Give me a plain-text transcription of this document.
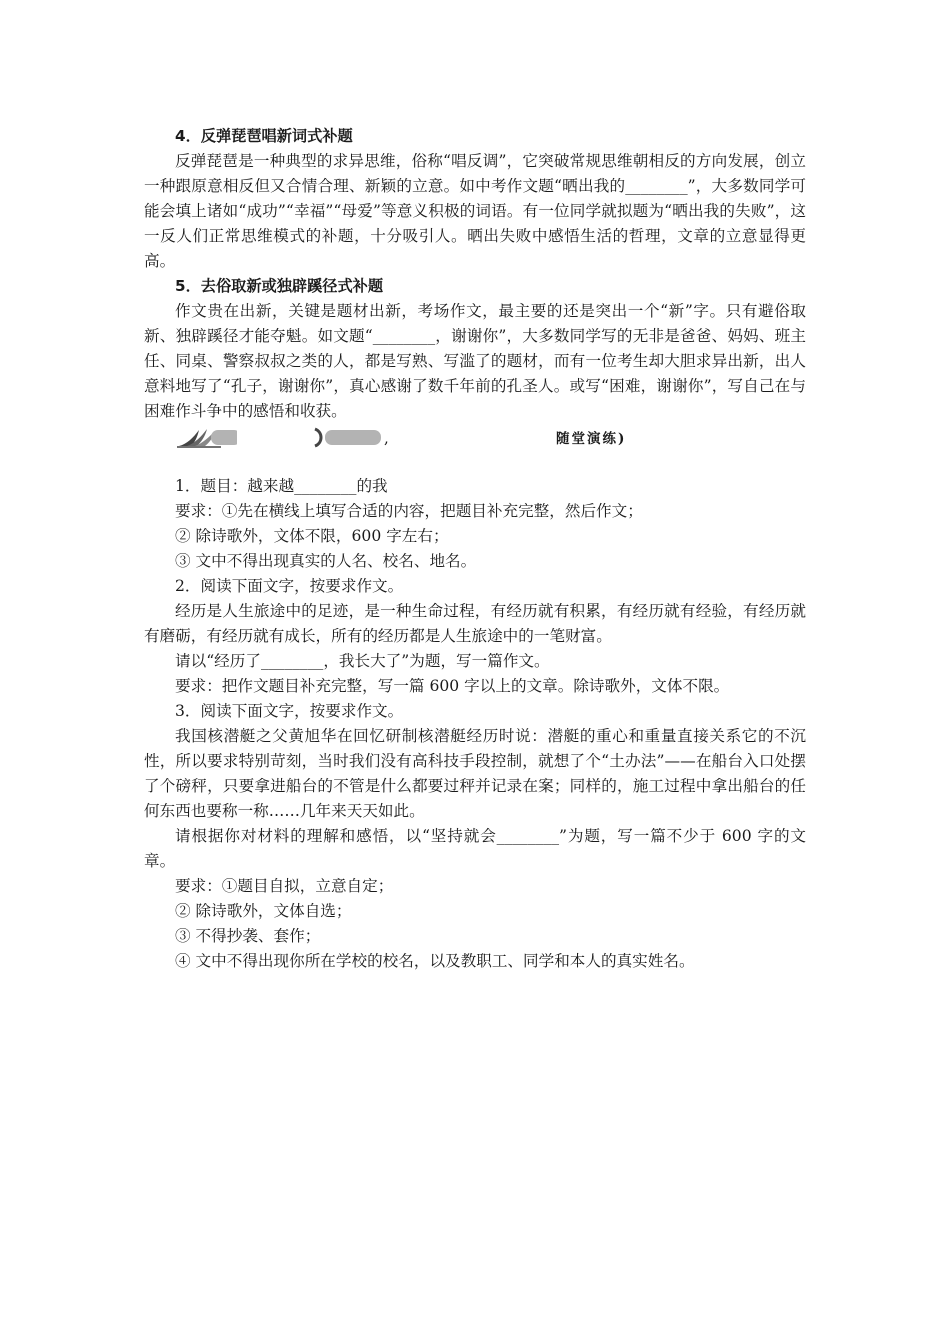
4．反弹琵琶唱新词式补题

反弹琵琶是一种典型的求异思维，俗称“唱反调”，它突破常规思维朝相反的方向发展，创立一种跟原意相反但又合情合理、新颖的立意。如中考作文题“晒出我的________”，大多数同学可能会填上诸如“成功”“幸福”“母爱”等意义积极的词语。有一位同学就拟题为“晒出我的失败”，这一反人们正常思维模式的补题，十分吸引人。晒出失败中感悟生活的哲理，文章的立意显得更高。

5．去俗取新或独辟蹊径式补题

作文贵在出新，关键是题材出新，考场作文，最主要的还是突出一个“新”字。只有避俗取新、独辟蹊径才能夺魁。如文题“________，谢谢你”，大多数同学写的无非是爸爸、妈妈、班主任、同桌、警察叔叔之类的人，都是写熟、写滥了的题材，而有一位考生却大胆求异出新，出人意料地写了“孔子，谢谢你”，真心感谢了数千年前的孔圣人。或写“困难，谢谢你”，写自己在与困难作斗争中的感悟和收获。

,	随堂演练)

1．题目：越来越________的我

要求：①先在横线上填写合适的内容，把题目补充完整，然后作文；

② 除诗歌外，文体不限，600 字左右；

③ 文中不得出现真实的人名、校名、地名。

2．阅读下面文字，按要求作文。

经历是人生旅途中的足迹，是一种生命过程，有经历就有积累，有经历就有经验，有经历就有磨砺，有经历就有成长，所有的经历都是人生旅途中的一笔财富。

请以“经历了________，我长大了”为题，写一篇作文。

要求：把作文题目补充完整，写一篇 600 字以上的文章。除诗歌外，文体不限。

3．阅读下面文字，按要求作文。

我国核潜艇之父黄旭华在回忆研制核潜艇经历时说：潜艇的重心和重量直接关系它的不沉性，所以要求特别苛刻，当时我们没有高科技手段控制，就想了个“土办法”——在船台入口处摆了个磅秤，只要拿进船台的不管是什么都要过秤并记录在案；同样的，施工过程中拿出船台的任何东西也要称一称……几年来天天如此。

请根据你对材料的理解和感悟，以“坚持就会________”为题，写一篇不少于 600 字的文章。

要求：①题目自拟，立意自定；

② 除诗歌外，文体自选；

③ 不得抄袭、套作；

④ 文中不得出现你所在学校的校名，以及教职工、同学和本人的真实姓名。
